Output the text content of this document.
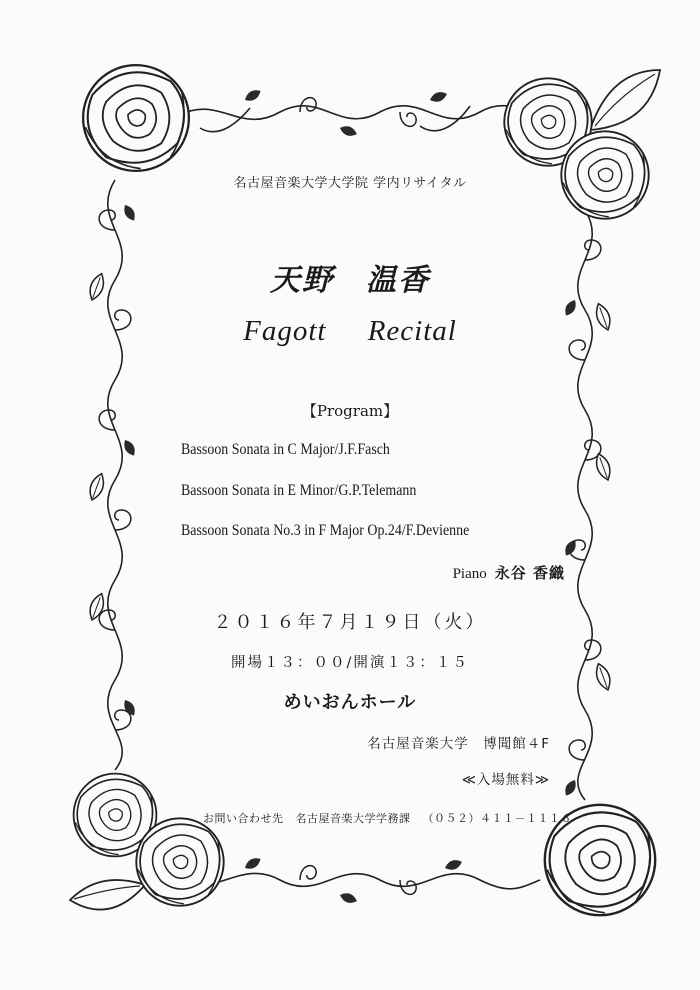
名古屋音楽大学大学院 学内リサイタル
天野　温香
Fagott Recital
【Program】
Bassoon Sonata in C Major/J.F.Fasch
Bassoon Sonata in E Minor/G.P.Telemann
Bassoon Sonata No.3 in F Major Op.24/F.Devienne
Piano 永谷 香織
２０１６年７月１９日（火）
開場１３：００/開演１３：１５
めいおんホール
名古屋音楽大学　博聞館４F
≪入場無料≫
お問い合わせ先 名古屋音楽大学学務課 （０５２）４１１－１１１６
